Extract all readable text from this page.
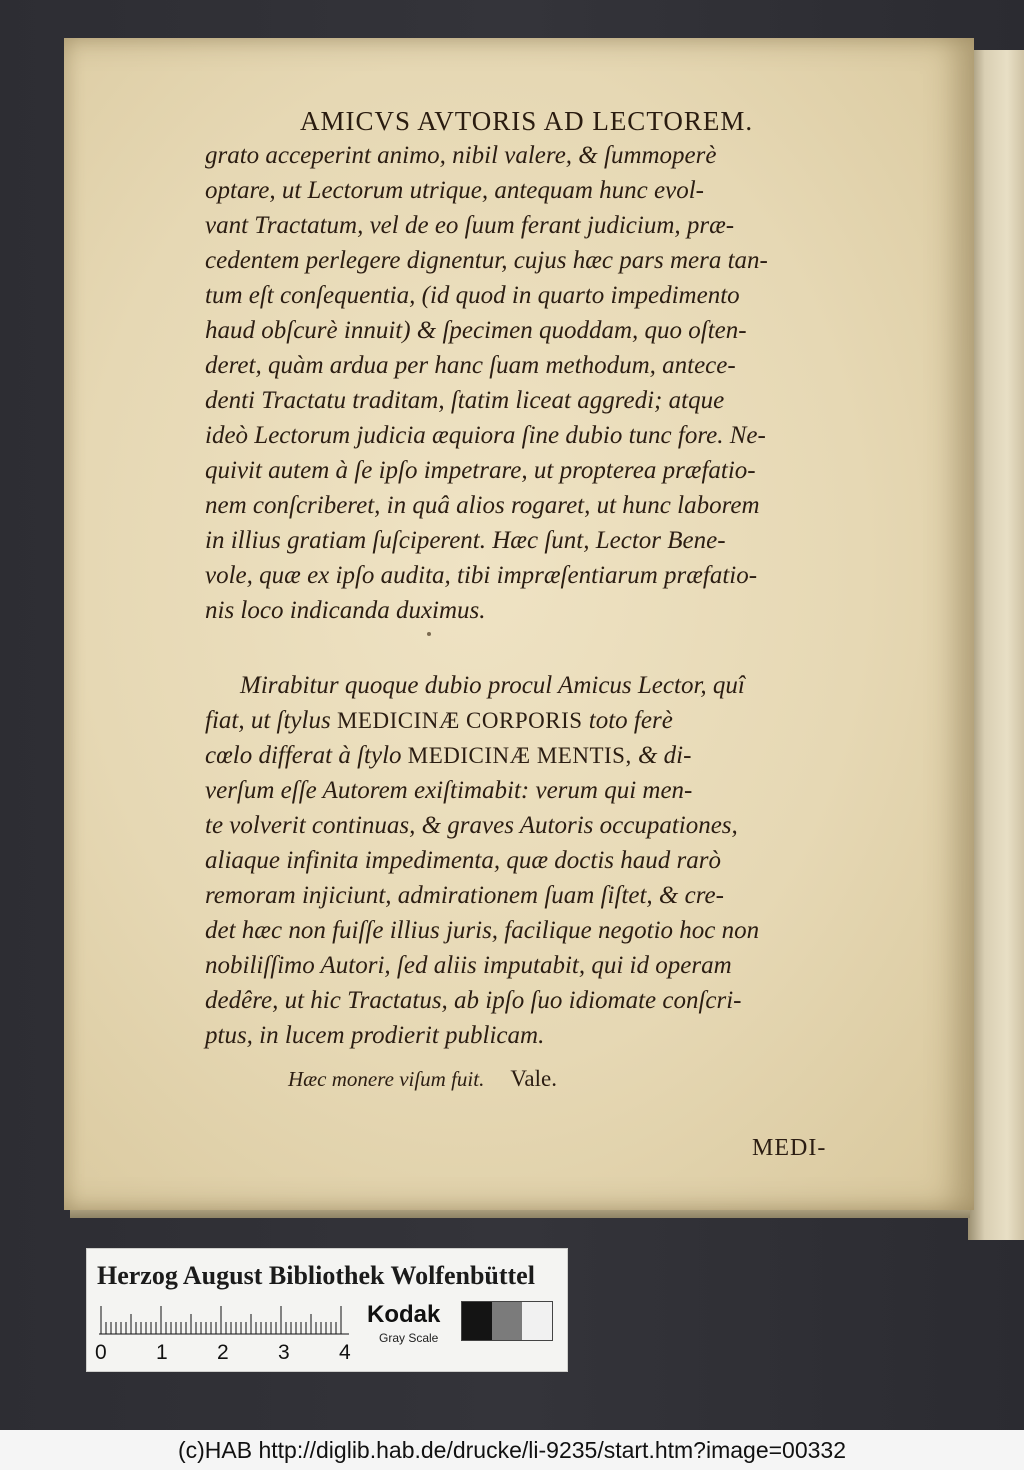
AMICVS AVTORIS AD LECTOREM.
grato acceperint animo, nibil valere, & ſummoperè
optare, ut Lectorum utrique, antequam hunc evol-
vant Tractatum, vel de eo ſuum ferant judicium, præ-
cedentem perlegere dignentur, cujus hæc pars mera tan-
tum eſt conſequentia, (id quod in quarto impedimento
haud obſcurè innuit) & ſpecimen quoddam, quo oſten-
deret, quàm ardua per hanc ſuam methodum, antece-
denti Tractatu traditam, ſtatim liceat aggredi; atque
ideò Lectorum judicia æquiora ſine dubio tunc fore. Ne-
quivit autem à ſe ipſo impetrare, ut propterea præfatio-
nem conſcriberet, in quâ alios rogaret, ut hunc laborem
in illius gratiam ſuſciperent. Hæc ſunt, Lector Bene-
vole, quæ ex ipſo audita, tibi impræſentiarum præfatio-
nis loco indicanda duximus.
Mirabitur quoque dubio procul Amicus Lector, quî
fiat, ut ſtylus MEDICINÆ CORPORIS toto ferè
cœlo differat à ſtylo MEDICINÆ MENTIS, & di-
verſum eſſe Autorem exiſtimabit: verum qui men-
te volverit continuas, & graves Autoris occupationes,
aliaque infinita impedimenta, quæ doctis haud rarò
remoram injiciunt, admirationem ſuam ſiſtet, & cre-
det hæc non fuiſſe illius juris, facilique negotio hoc non
nobiliſſimo Autori, ſed aliis imputabit, qui id operam
dedêre, ut hic Tractatus, ab ipſo ſuo idiomate conſcri-
ptus, in lucem prodierit publicam.
Hæc monere viſum fuit. Vale.
MEDI-
Herzog August Bibliothek Wolfenbüttel
0 1 2 3 4
Kodak
Gray Scale
(c)HAB http://diglib.hab.de/drucke/li-9235/start.htm?image=00332
